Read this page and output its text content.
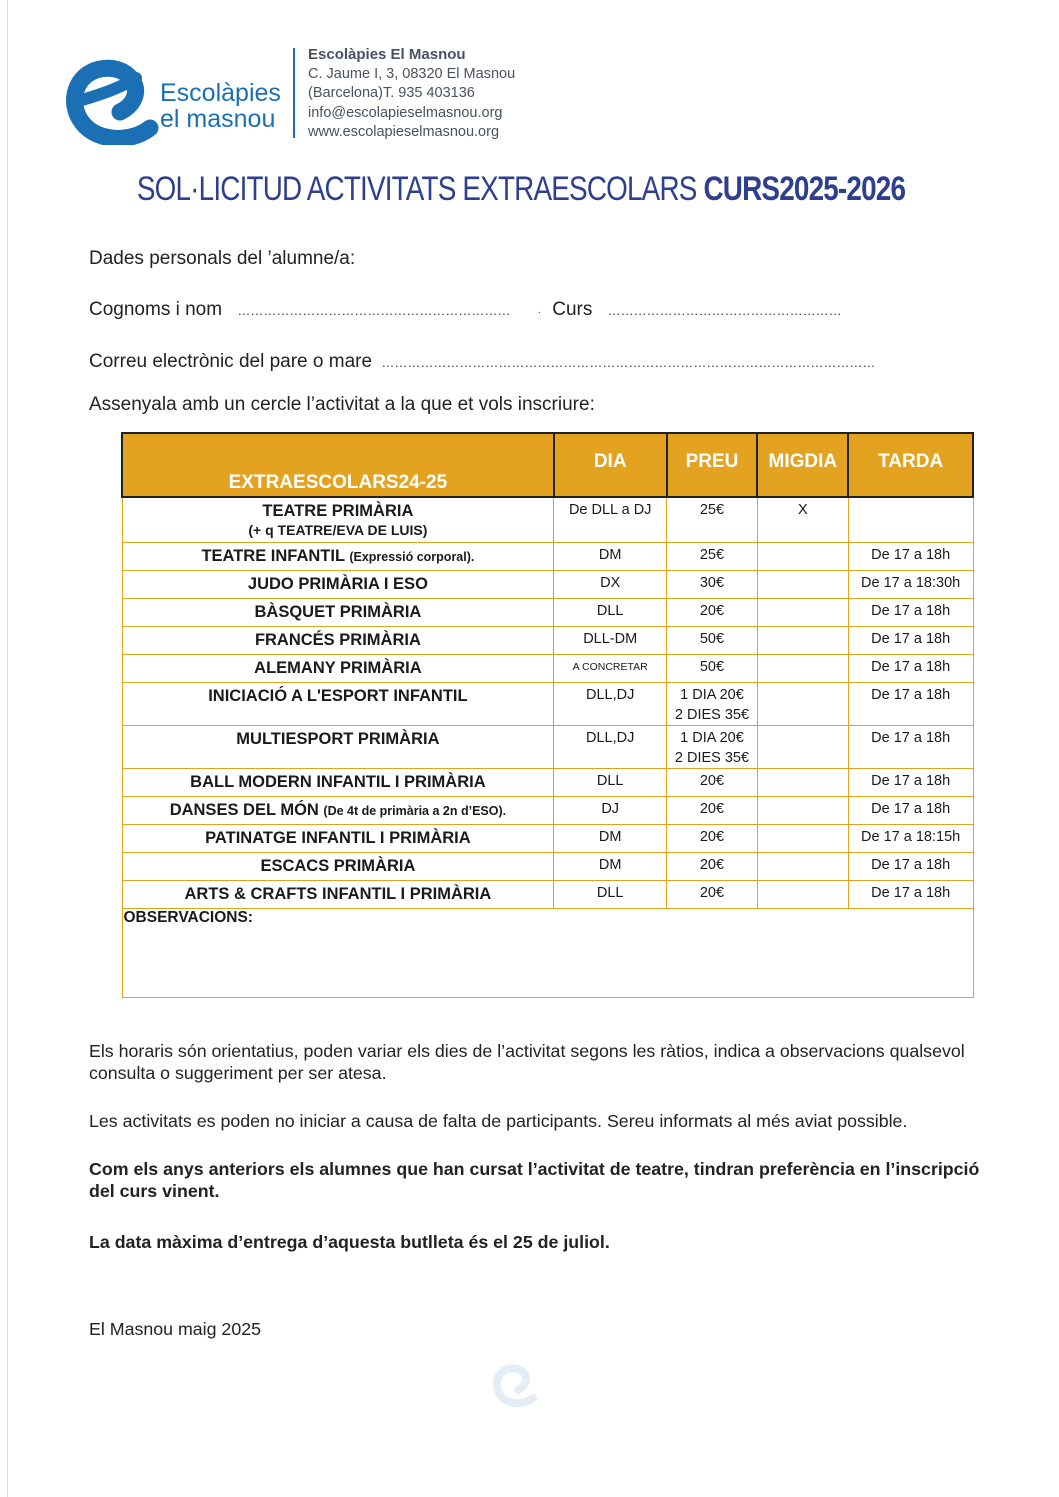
Escolàpies
el masnou
Escolàpies El Masnou
C. Jaume I, 3, 08320 El Masnou
(Barcelona)T. 935 403136
info@escolapieselmasnou.org
www.escolapieselmasnou.org
SOL·LICITUD ACTIVITATS EXTRAESCOLARS CURS2025-2026
Dades personals del ’alumne/a:
Cognoms i nom ………………………………………………………	· Curs ………………………………………………
Correu electrònic del pare o mare ……………………………………………………………………………………………………
Assenyala amb un cercle l’activitat a la que et vols inscriure:
EXTRAESCOLARS24-25	DIA	PREU	MIGDIA	TARDA
TEATRE PRIMÀRIA
(+ q TEATRE/EVA DE LUIS)	De DLL a DJ	25€	X	
TEATRE INFANTIL (Expressió corporal).	DM	25€		De 17 a 18h
JUDO PRIMÀRIA I ESO	DX	30€		De 17 a 18:30h
BÀSQUET PRIMÀRIA	DLL	20€		De 17 a 18h
FRANCÉS PRIMÀRIA	DLL-DM	50€		De 17 a 18h
ALEMANY PRIMÀRIA	A CONCRETAR	50€		De 17 a 18h
INICIACIÓ A L'ESPORT INFANTIL	DLL,DJ	1 DIA 20€
2 DIES 35€		De 17 a 18h
MULTIESPORT PRIMÀRIA	DLL,DJ	1 DIA 20€
2 DIES 35€		De 17 a 18h
BALL MODERN INFANTIL I PRIMÀRIA	DLL	20€		De 17 a 18h
DANSES DEL MÓN (De 4t de primària a 2n d’ESO).	DJ	20€		De 17 a 18h
PATINATGE INFANTIL I PRIMÀRIA	DM	20€		De 17 a 18:15h
ESCACS PRIMÀRIA	DM	20€		De 17 a 18h
ARTS & CRAFTS INFANTIL I PRIMÀRIA	DLL	20€		De 17 a 18h
OBSERVACIONS:				
Els horaris són orientatius, poden variar els dies de l’activitat segons les ràtios, indica a observacions qualsevol consulta o suggeriment per ser atesa.
Les activitats es poden no iniciar a causa de falta de participants. Sereu informats al més aviat possible.
Com els anys anteriors els alumnes que han cursat l’activitat de teatre, tindran preferència en l’inscripció del curs vinent.
La data màxima d’entrega d’aquesta butlleta és el 25 de juliol.
El Masnou maig 2025
